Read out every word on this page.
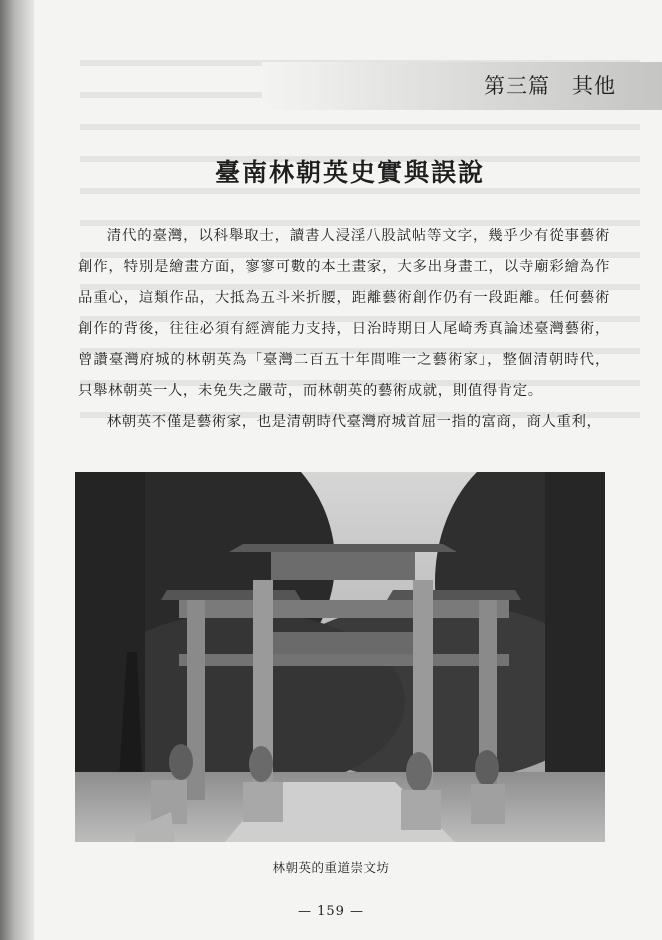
第三篇　其他
臺南林朝英史實與誤說

清代的臺灣，以科舉取士，讀書人浸淫八股試帖等文字，幾乎少有從事藝術創作，特別是繪畫方面，寥寥可數的本土畫家，大多出身畫工，以寺廟彩繪為作品重心，這類作品，大抵為五斗米折腰，距離藝術創作仍有一段距離。任何藝術創作的背後，往往必須有經濟能力支持，日治時期日人尾崎秀真論述臺灣藝術，曾讚臺灣府城的林朝英為「臺灣二百五十年間唯一之藝術家」，整個清朝時代，只舉林朝英一人，未免失之嚴苛，而林朝英的藝術成就，則值得肯定。

林朝英不僅是藝術家，也是清朝時代臺灣府城首屈一指的富商，商人重利，

林朝英的重道崇文坊
— 159 —
